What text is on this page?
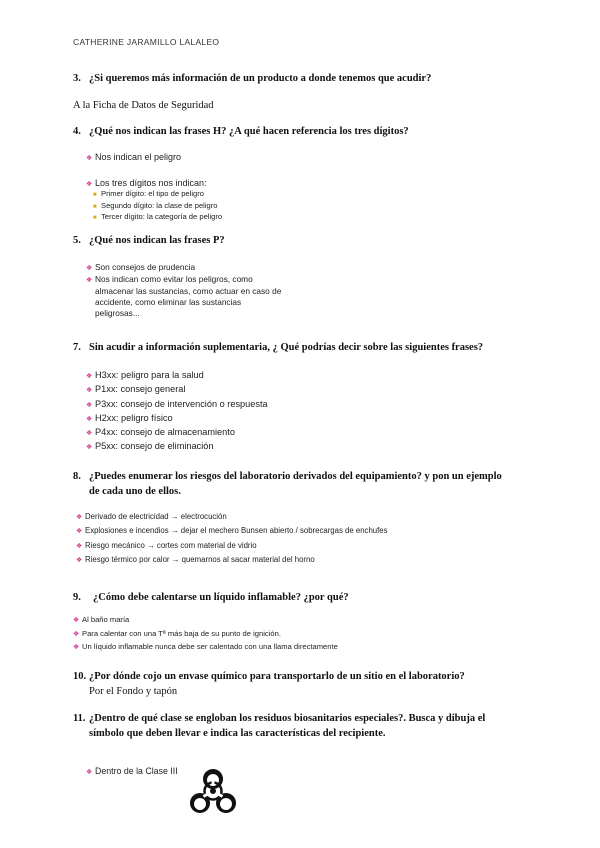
CATHERINE JARAMILLO LALALEO
3. ¿Si queremos más información de un producto a donde tenemos que acudir?
A la Ficha de Datos de Seguridad
4. ¿Qué nos indican las frases H? ¿A qué hacen referencia los tres dígitos?
❖ Nos indican el peligro
❖ Los tres dígitos nos indican:
■ Primer dígito: el tipo de peligro
■ Segundo dígito: la clase de peligro
■ Tercer dígito: la categoría de peligro
5. ¿Qué nos indican las frases P?
❖ Son consejos de prudencia
❖ Nos indican como evitar los peligros, como
almacenar las sustancias, como actuar en caso de
accidente, como eliminar las sustancias
peligrosas...
7. Sin acudir a información suplementaria, ¿ Qué podrías decir sobre las siguientes frases?
❖ H3xx: peligro para la salud
❖ P1xx: consejo general
❖ P3xx: consejo de intervención o respuesta
❖ H2xx: peligro físico
❖ P4xx: consejo de almacenamiento
❖ P5xx: consejo de eliminación
8. ¿Puedes enumerar los riesgos del laboratorio derivados del equipamiento? y pon un ejemplo
de cada uno de ellos.
❖ Derivado de electricidad → electrocución
❖ Explosiones e incendios → dejar el mechero Bunsen abierto / sobrecargas de enchufes
❖ Riesgo mecánico → cortes com material de vidrio
❖ Riesgo térmico por calor → quemarnos al sacar material del horno
9. ¿Cómo debe calentarse un líquido inflamable? ¿por qué?
❖ Al baño maría
❖ Para calentar con una Tª más baja de su punto de ignición.
❖ Un líquido inflamable nunca debe ser calentado con una llama directamente
10. ¿Por dónde cojo un envase químico para transportarlo de un sitio en el laboratorio?
Por el Fondo y tapón
11. ¿Dentro de qué clase se engloban los residuos biosanitarios especiales?. Busca y dibuja el
símbolo que deben llevar e indica las características del recipiente.
❖ Dentro de la Clase III
